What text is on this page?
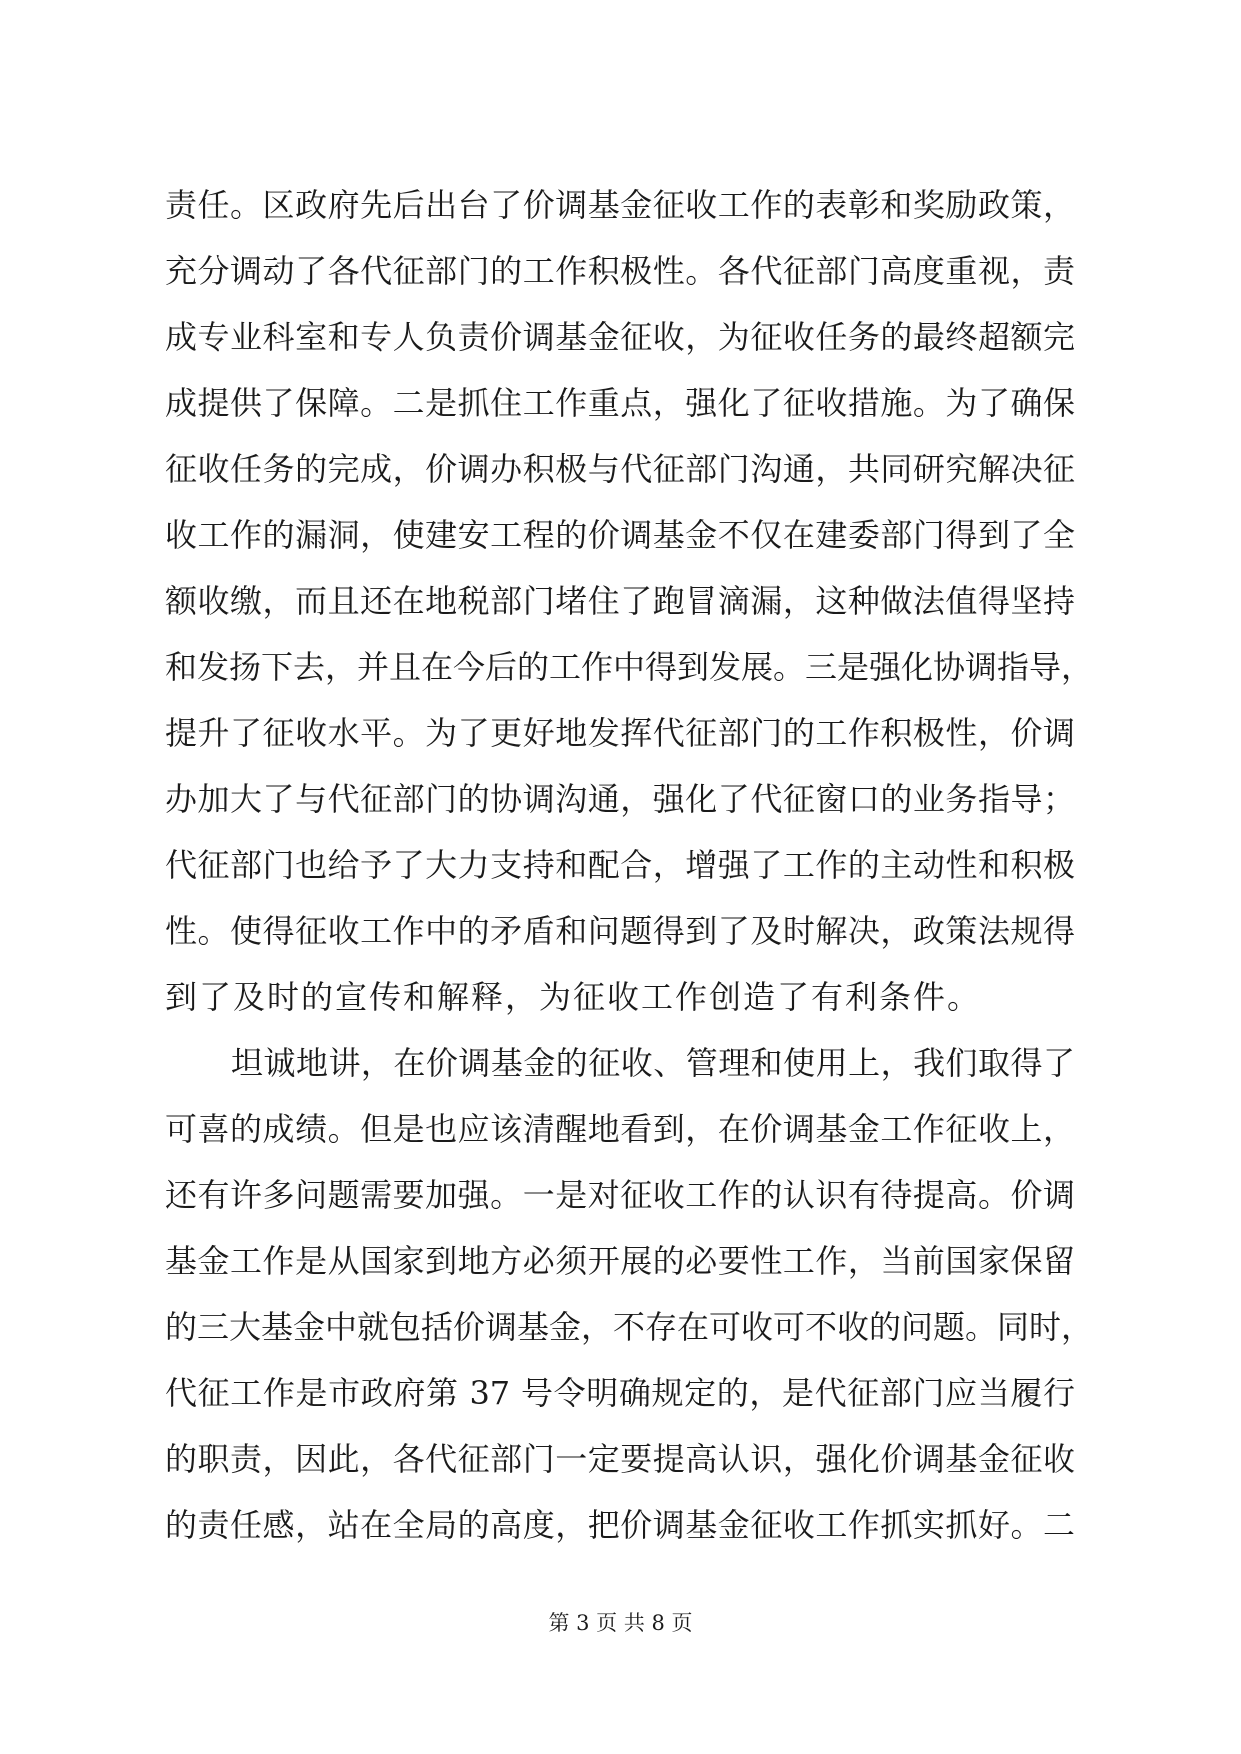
责任。区政府先后出台了价调基金征收工作的表彰和奖励政策，
充分调动了各代征部门的工作积极性。各代征部门高度重视，责
成专业科室和专人负责价调基金征收，为征收任务的最终超额完
成提供了保障。二是抓住工作重点，强化了征收措施。为了确保
征收任务的完成，价调办积极与代征部门沟通，共同研究解决征
收工作的漏洞，使建安工程的价调基金不仅在建委部门得到了全
额收缴，而且还在地税部门堵住了跑冒滴漏，这种做法值得坚持
和发扬下去，并且在今后的工作中得到发展。三是强化协调指导，
提升了征收水平。为了更好地发挥代征部门的工作积极性，价调
办加大了与代征部门的协调沟通，强化了代征窗口的业务指导；
代征部门也给予了大力支持和配合，增强了工作的主动性和积极
性。使得征收工作中的矛盾和问题得到了及时解决，政策法规得
到了及时的宣传和解释，为征收工作创造了有利条件。
坦诚地讲，在价调基金的征收、管理和使用上，我们取得了
可喜的成绩。但是也应该清醒地看到，在价调基金工作征收上，
还有许多问题需要加强。一是对征收工作的认识有待提高。价调
基金工作是从国家到地方必须开展的必要性工作，当前国家保留
的三大基金中就包括价调基金，不存在可收可不收的问题。同时，
代征工作是市政府第 37 号令明确规定的，是代征部门应当履行
的职责，因此，各代征部门一定要提高认识，强化价调基金征收
的责任感，站在全局的高度，把价调基金征收工作抓实抓好。二
第 3 页 共 8 页
